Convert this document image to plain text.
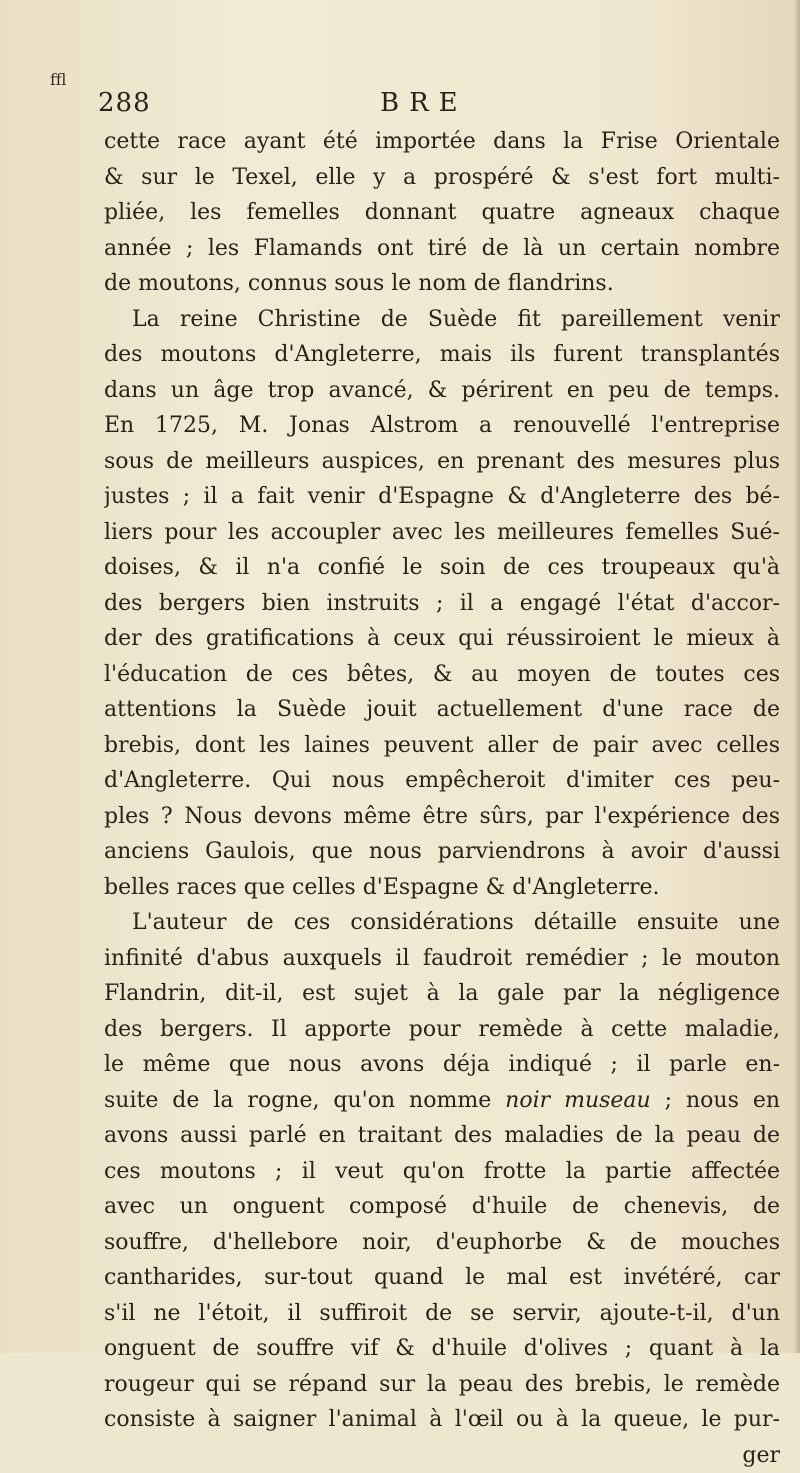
ﬄ
288	BRE
cette race ayant été importée dans la Frise Orientale
& sur le Texel, elle y a prospéré & s'est fort multi-
pliée, les femelles donnant quatre agneaux chaque
année ; les Flamands ont tiré de là un certain nombre
de moutons, connus sous le nom de flandrins.
La reine Christine de Suède fit pareillement venir
des moutons d'Angleterre, mais ils furent transplantés
dans un âge trop avancé, & périrent en peu de temps.
En 1725, M. Jonas Alstrom a renouvellé l'entreprise
sous de meilleurs auspices, en prenant des mesures plus
justes ; il a fait venir d'Espagne & d'Angleterre des bé-
liers pour les accoupler avec les meilleures femelles Sué-
doises, & il n'a confié le soin de ces troupeaux qu'à
des bergers bien instruits ; il a engagé l'état d'accor-
der des gratifications à ceux qui réussiroient le mieux à
l'éducation de ces bêtes, & au moyen de toutes ces
attentions la Suède jouit actuellement d'une race de
brebis, dont les laines peuvent aller de pair avec celles
d'Angleterre. Qui nous empêcheroit d'imiter ces peu-
ples ? Nous devons même être sûrs, par l'expérience des
anciens Gaulois, que nous parviendrons à avoir d'aussi
belles races que celles d'Espagne & d'Angleterre.
L'auteur de ces considérations détaille ensuite une
infinité d'abus auxquels il faudroit remédier ; le mouton
Flandrin, dit-il, est sujet à la gale par la négligence
des bergers. Il apporte pour remède à cette maladie,
le même que nous avons déja indiqué ; il parle en-
suite de la rogne, qu'on nomme noir museau ; nous en
avons aussi parlé en traitant des maladies de la peau de
ces moutons ; il veut qu'on frotte la partie affectée
avec un onguent composé d'huile de chenevis, de
souffre, d'hellebore noir, d'euphorbe & de mouches
cantharides, sur-tout quand le mal est invétéré, car
s'il ne l'étoit, il suffiroit de se servir, ajoute-t-il, d'un
onguent de souffre vif & d'huile d'olives ; quant à la
rougeur qui se répand sur la peau des brebis, le remède
consiste à saigner l'animal à l'œil ou à la queue, le pur-
ger
